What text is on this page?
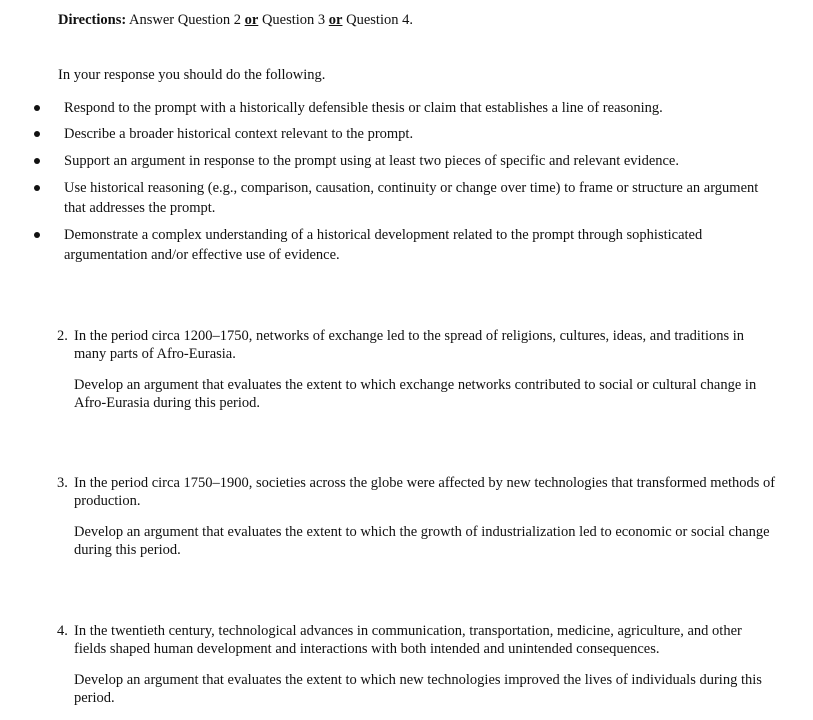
Directions: Answer Question 2 or Question 3 or Question 4.
In your response you should do the following.
Respond to the prompt with a historically defensible thesis or claim that establishes a line of reasoning.
Describe a broader historical context relevant to the prompt.
Support an argument in response to the prompt using at least two pieces of specific and relevant evidence.
Use historical reasoning (e.g., comparison, causation, continuity or change over time) to frame or structure an argument that addresses the prompt.
Demonstrate a complex understanding of a historical development related to the prompt through sophisticated argumentation and/or effective use of evidence.
2. In the period circa 1200–1750, networks of exchange led to the spread of religions, cultures, ideas, and traditions in many parts of Afro-Eurasia.
Develop an argument that evaluates the extent to which exchange networks contributed to social or cultural change in Afro-Eurasia during this period.
3. In the period circa 1750–1900, societies across the globe were affected by new technologies that transformed methods of production.
Develop an argument that evaluates the extent to which the growth of industrialization led to economic or social change during this period.
4. In the twentieth century, technological advances in communication, transportation, medicine, agriculture, and other fields shaped human development and interactions with both intended and unintended consequences.
Develop an argument that evaluates the extent to which new technologies improved the lives of individuals during this period.
